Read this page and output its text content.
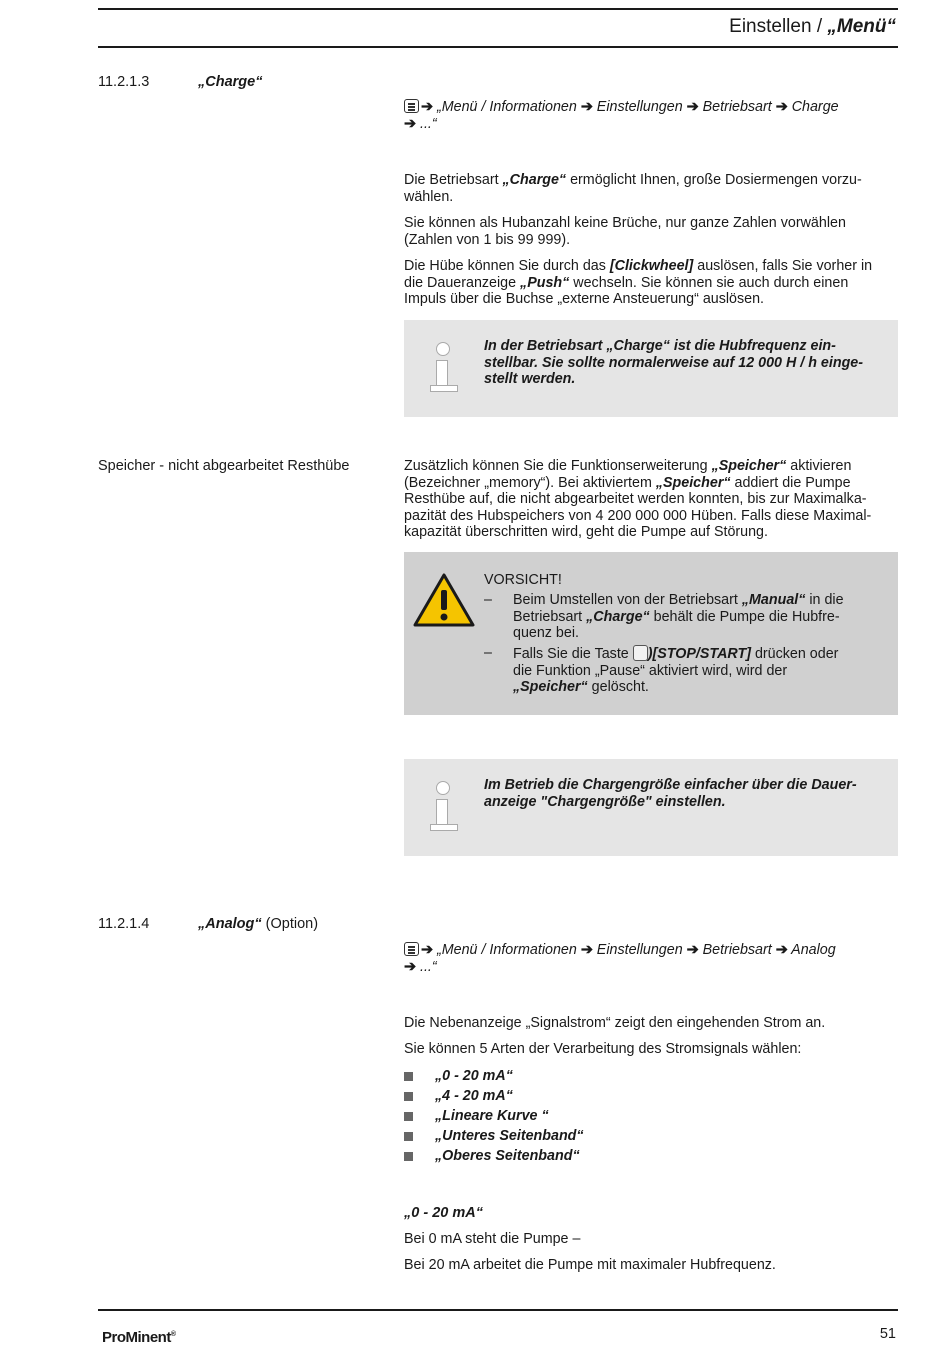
Einstellen / „Menü“
11.2.1.3	„Charge“
➔ „Menü / Informationen ➔ Einstellungen ➔ Betriebsart ➔ Charge
➔ ...“

Die Betriebsart „Charge“ ermöglicht Ihnen, große Dosiermengen vorzu-

wählen.

Sie können als Hubanzahl keine Brüche, nur ganze Zahlen vorwählen

(Zahlen von 1 bis 99 999).

Die Hübe können Sie durch das [Clickwheel] auslösen, falls Sie vorher in

die Daueranzeige „Push“ wechseln. Sie können sie auch durch einen

Impuls über die Buchse „externe Ansteuerung“ auslösen.

In der Betriebsart „Charge“ ist die Hubfrequenz ein-
stellbar. Sie sollte normalerweise auf 12 000 H / h einge-
stellt werden.
Speicher - nicht abgearbeitet Resthübe	Zusätzlich können Sie die Funktionserweiterung „Speicher“ aktivieren

(Bezeichner „memory“). Bei aktiviertem „Speicher“ addiert die Pumpe

Resthübe auf, die nicht abgearbeitet werden konnten, bis zur Maximalka-

pazität des Hubspeichers von 4 200 000 000 Hüben. Falls diese Maximal-

kapazität überschritten wird, geht die Pumpe auf Störung.

VORSICHT!
– Beim Umstellen von der Betriebsart „Manual“ in die
Betriebsart „Charge“ behält die Pumpe die Hubfre-
quenz bei.
– Falls Sie die Taste )[STOP/START] drücken oder
die Funktion „Pause“ aktiviert wird, wird der
„Speicher“ gelöscht.
Im Betrieb die Chargengröße einfacher über die Dauer-
anzeige "Chargengröße" einstellen.
11.2.1.4	„Analog“ (Option)
➔ „Menü / Informationen ➔ Einstellungen ➔ Betriebsart ➔ Analog
➔ ...“
Die Nebenanzeige „Signalstrom“ zeigt den eingehenden Strom an.
Sie können 5 Arten der Verarbeitung des Stromsignals wählen:
„0 - 20 mA“
„4 - 20 mA“
„Lineare Kurve “
„Unteres Seitenband“
„Oberes Seitenband“
„0 - 20 mA“
Bei 0 mA steht die Pumpe –
Bei 20 mA arbeitet die Pumpe mit maximaler Hubfrequenz.
ProMinent®	51
